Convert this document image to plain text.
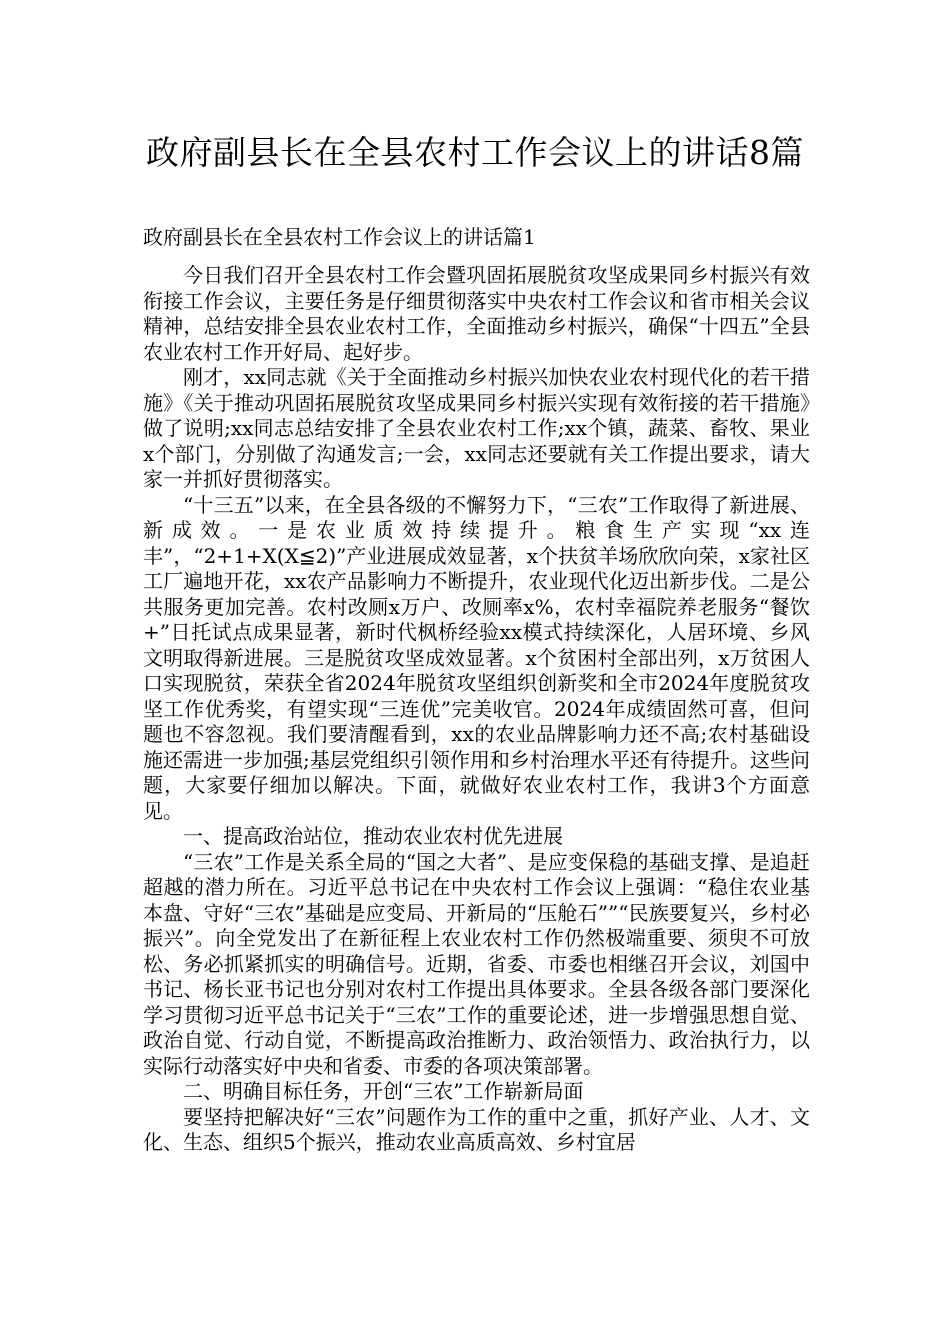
政府副县长在全县农村工作会议上的讲话8篇
政府副县长在全县农村工作会议上的讲话篇1

今日我们召开全县农村工作会暨巩固拓展脱贫攻坚成果同乡村振兴有效衔接工作会议，主要任务是仔细贯彻落实中央农村工作会议和省市相关会议精神，总结安排全县农业农村工作，全面推动乡村振兴，确保“十四五”全县农业农村工作开好局、起好步。

刚才，xx同志就《关于全面推动乡村振兴加快农业农村现代化的若干措施》《关于推动巩固拓展脱贫攻坚成果同乡村振兴实现有效衔接的若干措施》做了说明;xx同志总结安排了全县农业农村工作;xx个镇，蔬菜、畜牧、果业x个部门，分别做了沟通发言;一会，xx同志还要就有关工作提出要求，请大家一并抓好贯彻落实。

“十三五”以来，在全县各级的不懈努力下，“三农”工作取得了新进展、新成效。一是农业质效持续提升。粮食生产实现“xx连丰”，“2+1+X(X≦2)”产业进展成效显著，x个扶贫羊场欣欣向荣，x家社区工厂遍地开花，xx农产品影响力不断提升，农业现代化迈出新步伐。二是公共服务更加完善。农村改厕x万户、改厕率x%，农村幸福院养老服务“餐饮+”日托试点成果显著，新时代枫桥经验xx模式持续深化，人居环境、乡风文明取得新进展。三是脱贫攻坚成效显著。x个贫困村全部出列，x万贫困人口实现脱贫，荣获全省2024年脱贫攻坚组织创新奖和全市2024年度脱贫攻坚工作优秀奖，有望实现“三连优”完美收官。2024年成绩固然可喜，但问题也不容忽视。我们要清醒看到，xx的农业品牌影响力还不高;农村基础设施还需进一步加强;基层党组织引领作用和乡村治理水平还有待提升。这些问题，大家要仔细加以解决。下面，就做好农业农村工作，我讲3个方面意见。

一、提高政治站位，推动农业农村优先进展

“三农”工作是关系全局的“国之大者”、是应变保稳的基础支撑、是追赶超越的潜力所在。习近平总书记在中央农村工作会议上强调：“稳住农业基本盘、守好“三农”基础是应变局、开新局的“压舱石””“民族要复兴，乡村必振兴”。向全党发出了在新征程上农业农村工作仍然极端重要、须臾不可放松、务必抓紧抓实的明确信号。近期，省委、市委也相继召开会议，刘国中书记、杨长亚书记也分别对农村工作提出具体要求。全县各级各部门要深化学习贯彻习近平总书记关于“三农”工作的重要论述，进一步增强思想自觉、政治自觉、行动自觉，不断提高政治推断力、政治领悟力、政治执行力，以实际行动落实好中央和省委、市委的各项决策部署。

二、明确目标任务，开创“三农”工作崭新局面

要坚持把解决好“三农”问题作为工作的重中之重，抓好产业、人才、文化、生态、组织5个振兴，推动农业高质高效、乡村宜居
